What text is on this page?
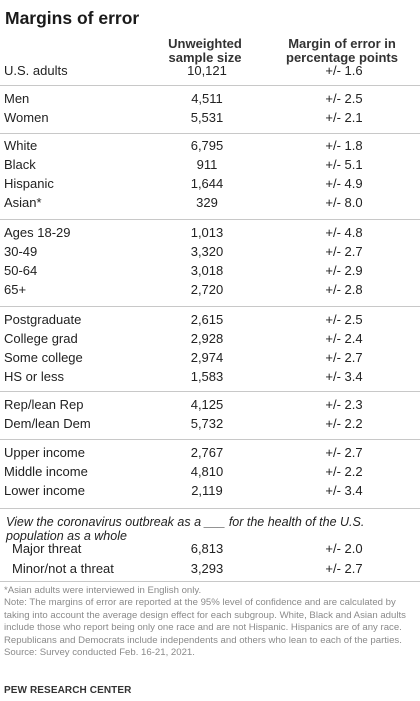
Margins of error
Unweighted sample size
Margin of error in percentage points
U.S. adults	10,121	+/- 1.6
Men	4,511	+/- 2.5
Women	5,531	+/- 2.1
White	6,795	+/- 1.8
Black	911	+/- 5.1
Hispanic	1,644	+/- 4.9
Asian*	329	+/- 8.0
Ages 18-29	1,013	+/- 4.8
30-49	3,320	+/- 2.7
50-64	3,018	+/- 2.9
65+	2,720	+/- 2.8
Postgraduate	2,615	+/- 2.5
College grad	2,928	+/- 2.4
Some college	2,974	+/- 2.7
HS or less	1,583	+/- 3.4
Rep/lean Rep	4,125	+/- 2.3
Dem/lean Dem	5,732	+/- 2.2
Upper income	2,767	+/- 2.7
Middle income	4,810	+/- 2.2
Lower income	2,119	+/- 3.4
Major threat	6,813	+/- 2.0
Minor/not a threat	3,293	+/- 2.7
View the coronavirus outbreak as a ___ for the health of the U.S. population as a whole
*Asian adults were interviewed in English only.
Note: The margins of error are reported at the 95% level of confidence and are calculated by taking into account the average design effect for each subgroup. White, Black and Asian adults include those who report being only one race and are not Hispanic. Hispanics are of any race. Republicans and Democrats include independents and others who lean to each of the parties.
Source: Survey conducted Feb. 16-21, 2021.
PEW RESEARCH CENTER
